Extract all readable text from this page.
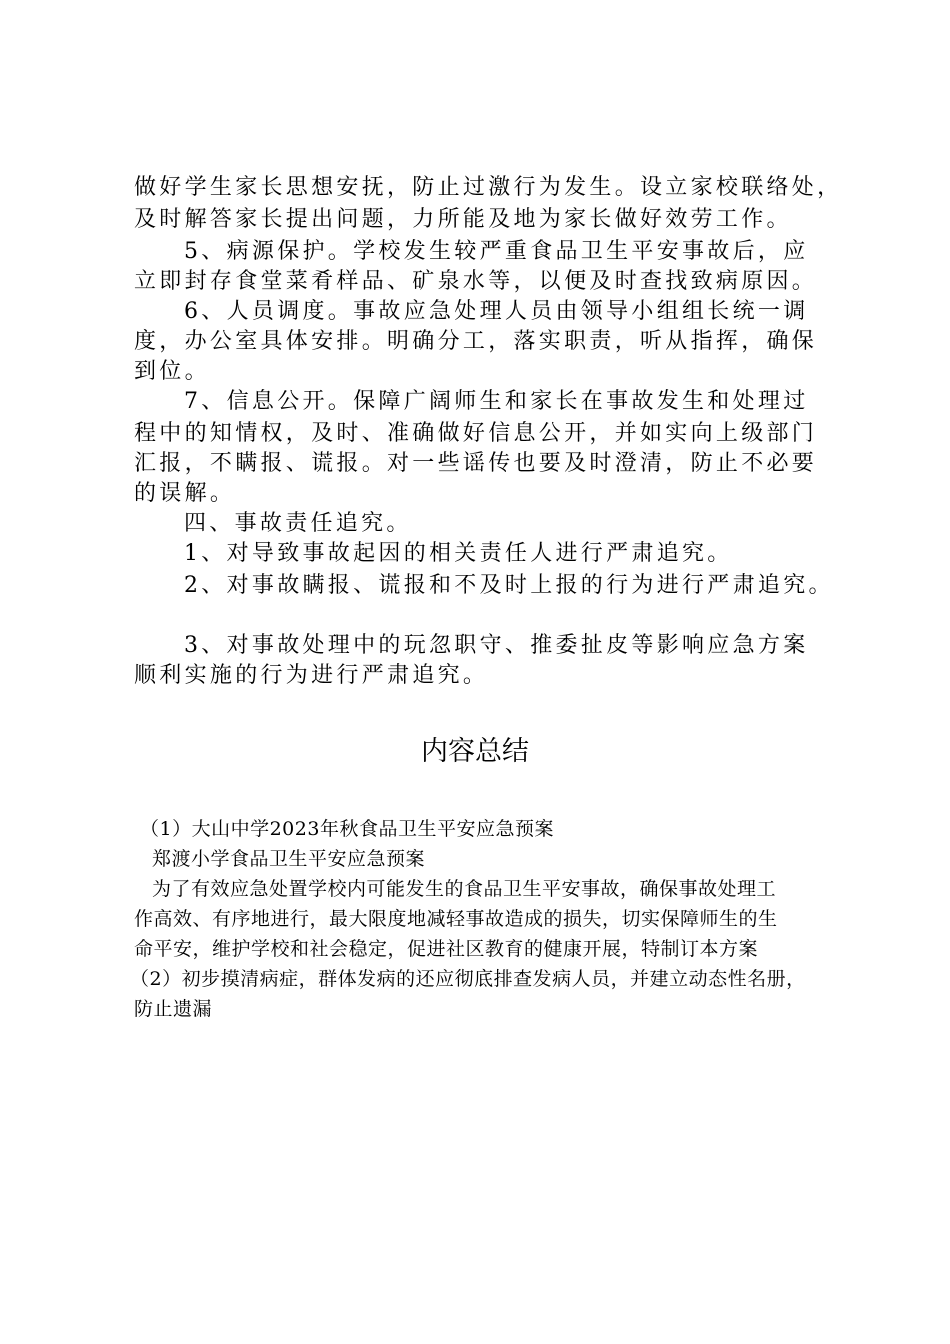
做好学生家长思想安抚，防止过激行为发生。设立家校联络处，
及时解答家长提出问题，力所能及地为家长做好效劳工作。
5、病源保护。学校发生较严重食品卫生平安事故后，应
立即封存食堂菜肴样品、矿泉水等，以便及时查找致病原因。
6、人员调度。事故应急处理人员由领导小组组长统一调
度，办公室具体安排。明确分工，落实职责，听从指挥，确保
到位。
7、信息公开。保障广阔师生和家长在事故发生和处理过
程中的知情权，及时、准确做好信息公开，并如实向上级部门
汇报，不瞒报、谎报。对一些谣传也要及时澄清，防止不必要
的误解。
四、事故责任追究。
1、对导致事故起因的相关责任人进行严肃追究。
2、对事故瞒报、谎报和不及时上报的行为进行严肃追究。
3、对事故处理中的玩忽职守、推委扯皮等影响应急方案
顺利实施的行为进行严肃追究。
内容总结
（1）大山中学2023年秋食品卫生平安应急预案
郑渡小学食品卫生平安应急预案
为了有效应急处置学校内可能发生的食品卫生平安事故，确保事故处理工
作高效、有序地进行，最大限度地减轻事故造成的损失，切实保障师生的生
命平安，维护学校和社会稳定，促进社区教育的健康开展，特制订本方案
（2）初步摸清病症，群体发病的还应彻底排查发病人员，并建立动态性名册，
防止遗漏
